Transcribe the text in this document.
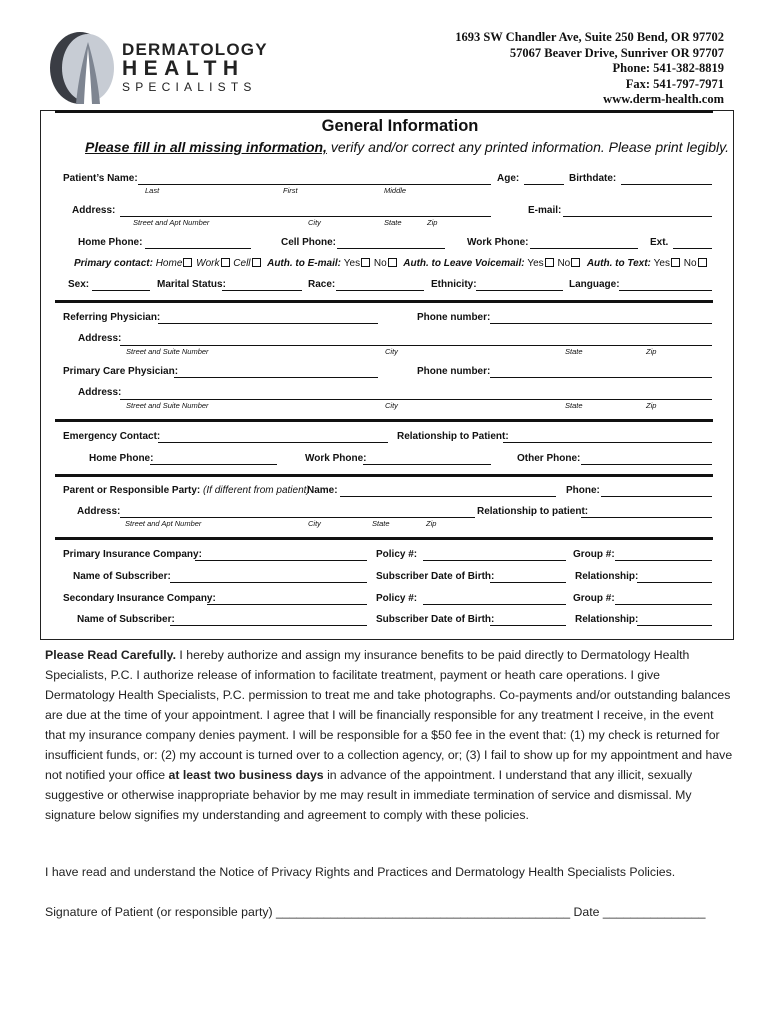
DERMATOLOGY
HEALTH
SPECIALISTS
1693 SW Chandler Ave, Suite 250 Bend, OR 97702
57067 Beaver Drive, Sunriver OR 97707
Phone: 541-382-8819
Fax: 541-797-7971
www.derm-health.com
General Information
Please fill in all missing information, verify and/or correct any printed information. Please print legibly.
Patient’s Name:
Last	First	Middle
Age:	Birthdate:
Address:
Street and Apt Number	City	State	Zip
E-mail:
Home Phone:	Cell Phone:	Work Phone:	Ext.
Primary contact: Home Work Cell Auth. to E-mail: Yes No Auth. to Leave Voicemail: Yes No Auth. to Text: Yes No
Sex:	Marital Status:	Race:	Ethnicity:	Language:
Referring Physician:	Phone number:
Address:
Street and Suite Number	City	State	Zip
Primary Care Physician:	Phone number:
Address:
Street and Suite Number	City	State	Zip
Emergency Contact:	Relationship to Patient:
Home Phone:	Work Phone:	Other Phone:
Parent or Responsible Party: (If different from patient)
Name:	Phone:
Address:
Street and Apt Number	City	State	Zip
Relationship to patient:
Primary Insurance Company:	Policy #:	Group #:
Name of Subscriber:	Subscriber Date of Birth:	Relationship:
Secondary Insurance Company:	Policy #:	Group #:
Name of Subscriber:	Subscriber Date of Birth:	Relationship:
Please Read Carefully. I hereby authorize and assign my insurance benefits to be paid directly to Dermatology Health Specialists, P.C. I authorize release of information to facilitate treatment, payment or heath care operations. I give Dermatology Health Specialists, P.C. permission to treat me and take photographs. Co-payments and/or outstanding balances are due at the time of your appointment. I agree that I will be financially responsible for any treatment I receive, in the event that my insurance company denies payment. I will be responsible for a $50 fee in the event that: (1) my check is returned for insufficient funds, or: (2) my account is turned over to a collection agency, or; (3) I fail to show up for my appointment and have not notified your office at least two business days in advance of the appointment. I understand that any illicit, sexually suggestive or otherwise inappropriate behavior by me may result in immediate termination of service and dismissal. My signature below signifies my understanding and agreement to comply with these policies.
I have read and understand the Notice of Privacy Rights and Practices and Dermatology Health Specialists Policies.
Signature of Patient (or responsible party) ___________________________________________ Date _______________
